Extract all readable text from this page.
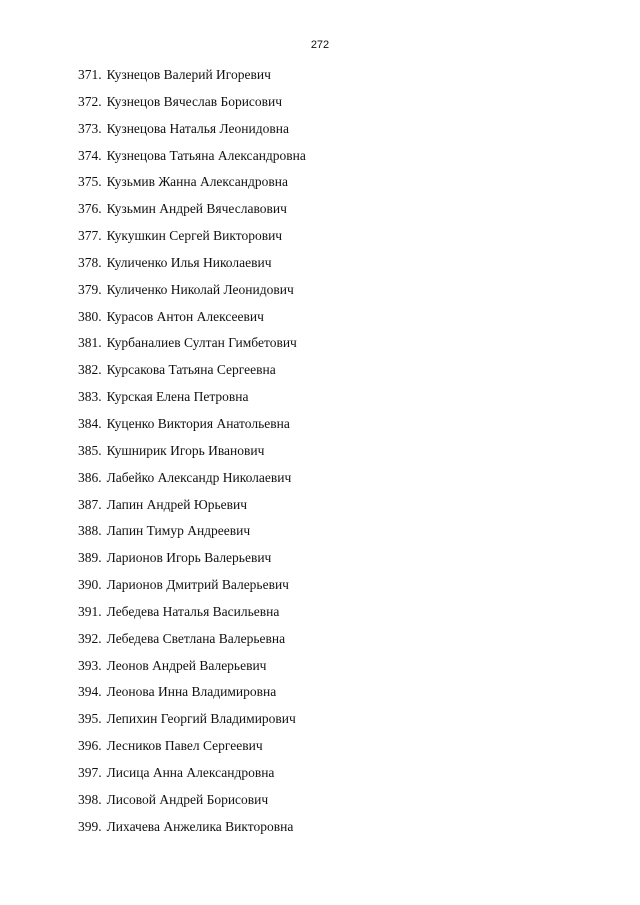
272
371. Кузнецов Валерий Игоревич
372. Кузнецов Вячеслав Борисович
373. Кузнецова Наталья Леонидовна
374. Кузнецова Татьяна Александровна
375. Кузьмив Жанна Александровна
376. Кузьмин Андрей Вячеславович
377. Кукушкин Сергей Викторович
378. Куличенко Илья Николаевич
379. Куличенко Николай Леонидович
380. Курасов Антон Алексеевич
381. Курбаналиев Султан Гимбетович
382. Курсакова Татьяна Сергеевна
383. Курская Елена Петровна
384. Куценко Виктория Анатольевна
385. Кушнирик Игорь Иванович
386. Лабейко Александр Николаевич
387. Лапин Андрей Юрьевич
388. Лапин Тимур Андреевич
389. Ларионов Игорь Валерьевич
390. Ларионов Дмитрий Валерьевич
391. Лебедева Наталья Васильевна
392. Лебедева Светлана Валерьевна
393. Леонов Андрей Валерьевич
394. Леонова Инна Владимировна
395. Лепихин Георгий Владимирович
396. Лесников Павел Сергеевич
397. Лисица Анна Александровна
398. Лисовой Андрей Борисович
399. Лихачева Анжелика Викторовна
